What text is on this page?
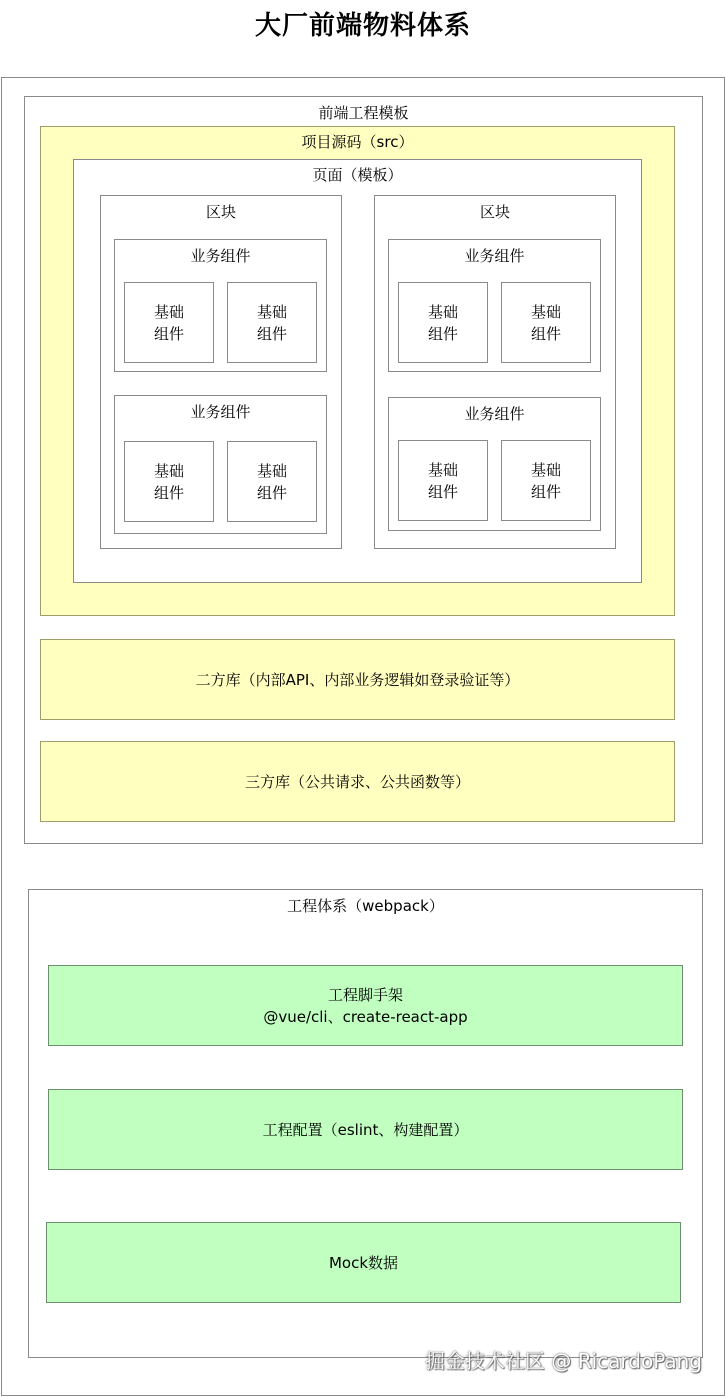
大厂前端物料体系
前端工程模板
项目源码（src）
页面（模板）
区块
业务组件
基础
组件
基础
组件
业务组件
基础
组件
基础
组件
区块
业务组件
基础
组件
基础
组件
业务组件
基础
组件
基础
组件
二方库（内部API、内部业务逻辑如登录验证等）
三方库（公共请求、公共函数等）
工程体系（webpack）
工程脚手架
@vue/cli、create-react-app
工程配置（eslint、构建配置）
Mock数据
掘金技术社区 @ RicardoPang
